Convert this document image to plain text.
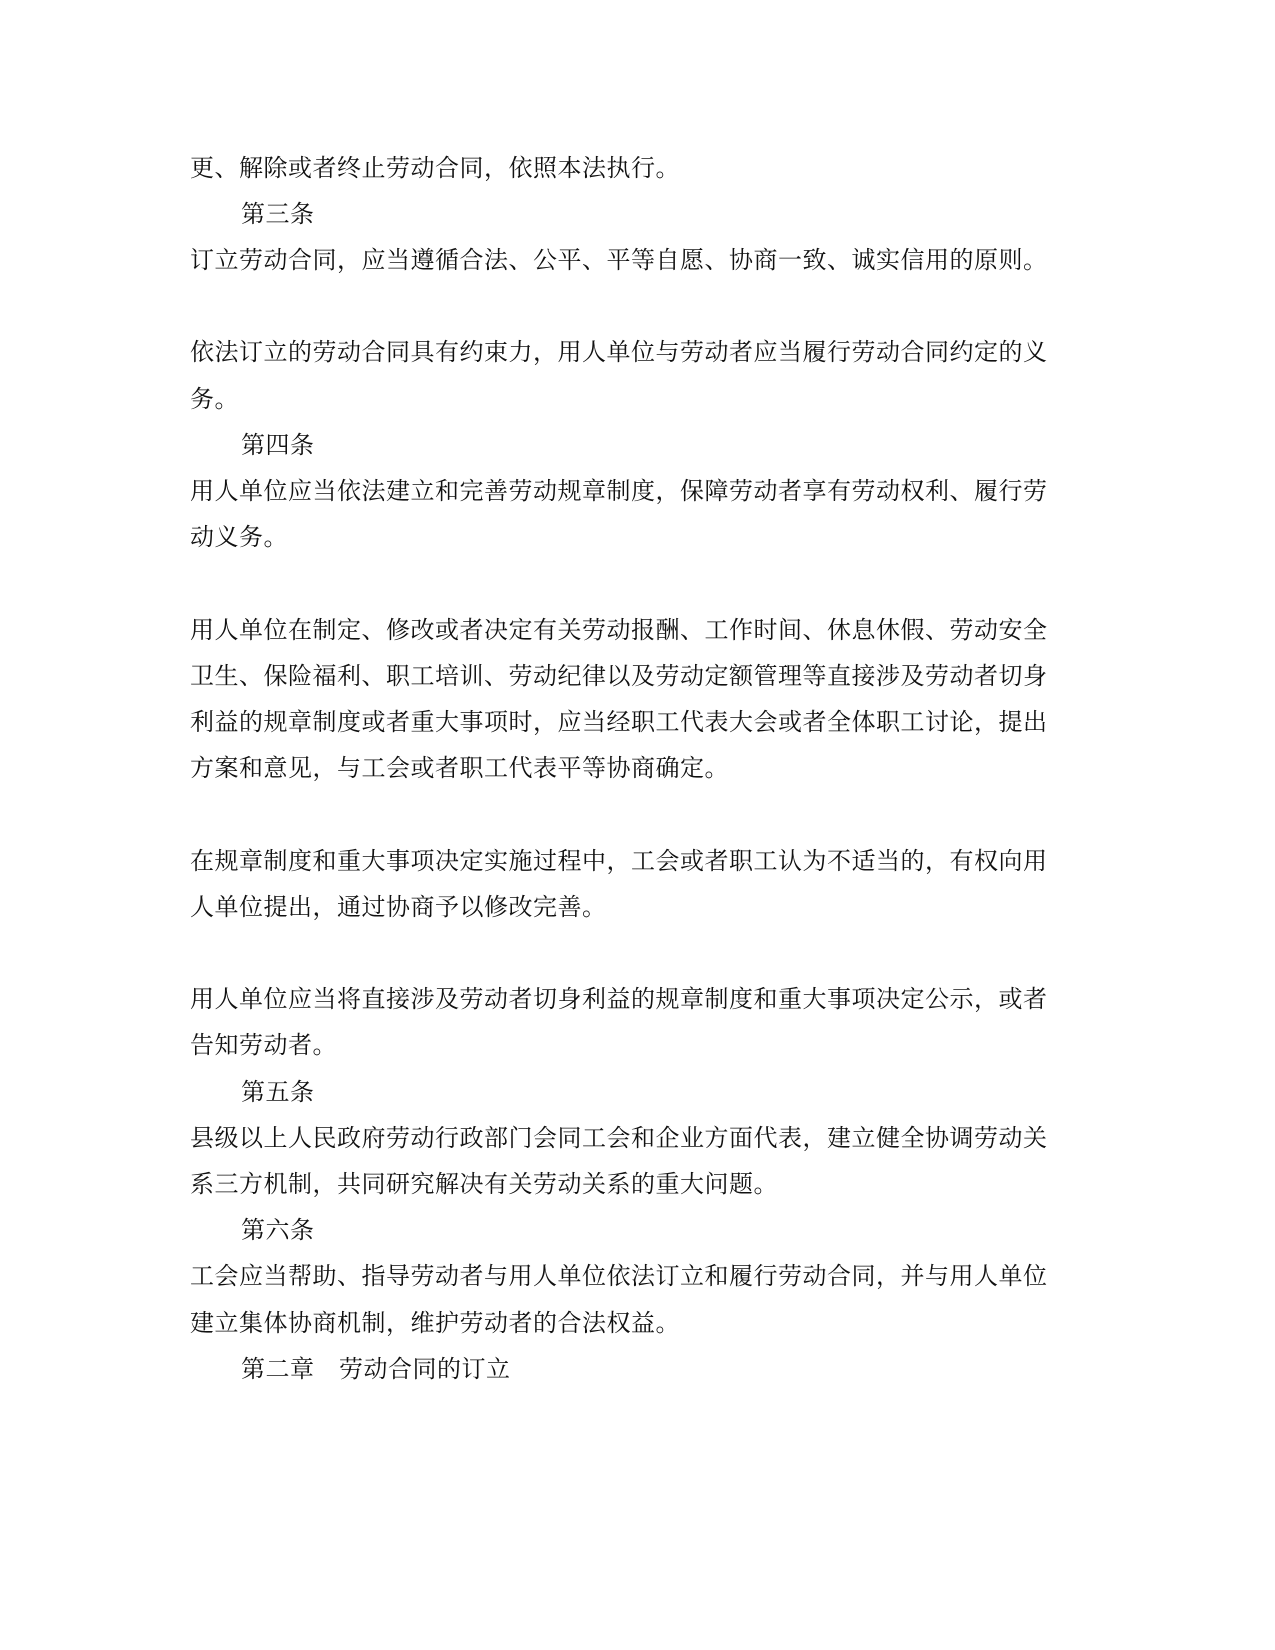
更、解除或者终止劳动合同，依照本法执行。
第三条
订立劳动合同，应当遵循合法、公平、平等自愿、协商一致、诚实信用的原则。
依法订立的劳动合同具有约束力，用人单位与劳动者应当履行劳动合同约定的义
务。
第四条
用人单位应当依法建立和完善劳动规章制度，保障劳动者享有劳动权利、履行劳
动义务。
用人单位在制定、修改或者决定有关劳动报酬、工作时间、休息休假、劳动安全
卫生、保险福利、职工培训、劳动纪律以及劳动定额管理等直接涉及劳动者切身
利益的规章制度或者重大事项时，应当经职工代表大会或者全体职工讨论，提出
方案和意见，与工会或者职工代表平等协商确定。
在规章制度和重大事项决定实施过程中，工会或者职工认为不适当的，有权向用
人单位提出，通过协商予以修改完善。
用人单位应当将直接涉及劳动者切身利益的规章制度和重大事项决定公示，或者
告知劳动者。
第五条
县级以上人民政府劳动行政部门会同工会和企业方面代表，建立健全协调劳动关
系三方机制，共同研究解决有关劳动关系的重大问题。
第六条
工会应当帮助、指导劳动者与用人单位依法订立和履行劳动合同，并与用人单位
建立集体协商机制，维护劳动者的合法权益。
第二章　劳动合同的订立
